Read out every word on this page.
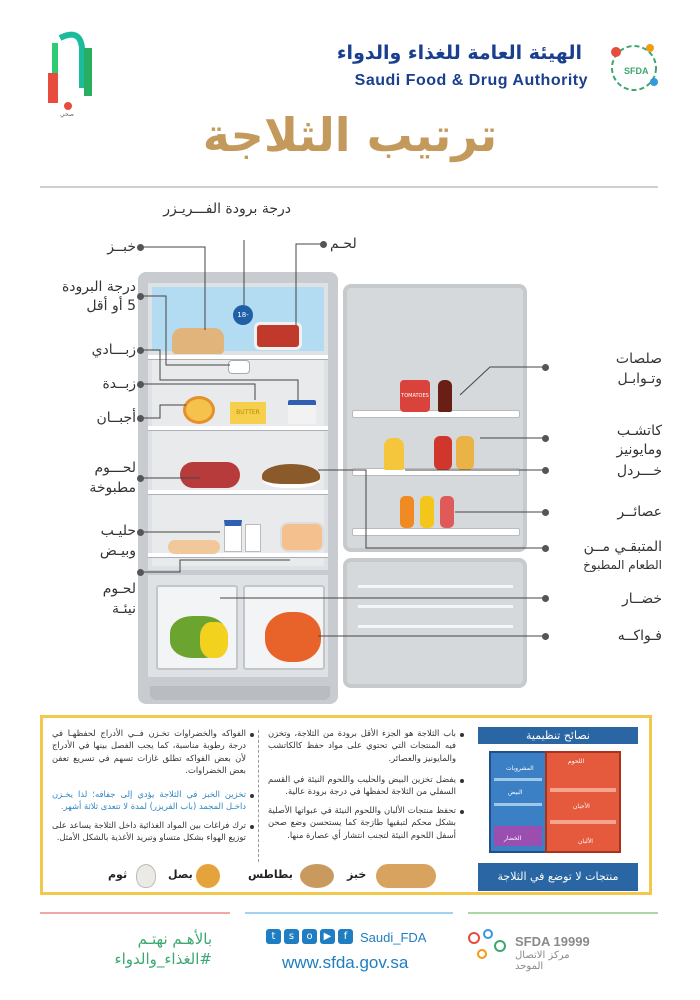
صحي
SFDA
الهيئة العامة للغذاء والدواء
Saudi Food & Drug Authority
ترتيب الثلاجة
18-
BUTTER
TOMATOES
درجة برودة الفـــريـزر
لحـم
خبــز
درجة البرودة
5 أو أقل
زبـــادي
زبــدة
أجبــان
لحـــوم
مطبوخة
حليـب
وبيـض
لحـوم
نيئـة
صلصات
وتـوابـل
كاتشـب
ومايونيز
خـــردل
عصائــر
المتبقـي مــن
الطعام المطبوخ
خضــار
فـواكــه
نصائح تنظيمية
اللحوم
المشروبات
الخضار
الأجبان
البيض
الألبان
منتجات لا توضع في الثلاجة
باب الثلاجة هو الجزء الأقل برودة من الثلاجة، وتخزن فيه المنتجات التي تحتوي على مواد حفظ كالكاتشب والمايونيز والعصائر.
يفضل تخزين البيض والحليب واللحوم النيئة في القسم السفلي من الثلاجة لحفظها في درجة برودة عالية.
تحفظ منتجات الألبان واللحوم النيئة في عبواتها الأصلية بشكل محكم لتبقيها طازجة كما يستحسن وضع صحن أسفل اللحوم النيئة لتجنب انتشار أي عصارة منها.
الفواكه والخضراوات تخـزن فــي الأدراج لحفظهـا في درجة رطوبة مناسبة، كما يجب الفصل بينها في الأدراج لأن بعض الفواكه تطلق غازات تسهم في تسريع تعفن بعض الخضراوات.
تخزين الخبز في الثلاجة يؤدي إلى جفافه؛ لذا يخـزن داخـل المجمد (باب الفريزر) لمدة لا تتعدى ثلاثة أشهر.
ترك فراغات بين المواد الغذائية داخل الثلاجة يساعد على توزيع الهواء بشكل متساو وتبريد الأغذية بالشكل الأمثل.
خبز
بطاطس
بصل
ثوم
بالأهـم نهتـم
#الغذاء_والدواء
t	s	o	▶	f Saudi_FDA
www.sfda.gov.sa
SFDA 19999
مركز الاتصال الموحد
